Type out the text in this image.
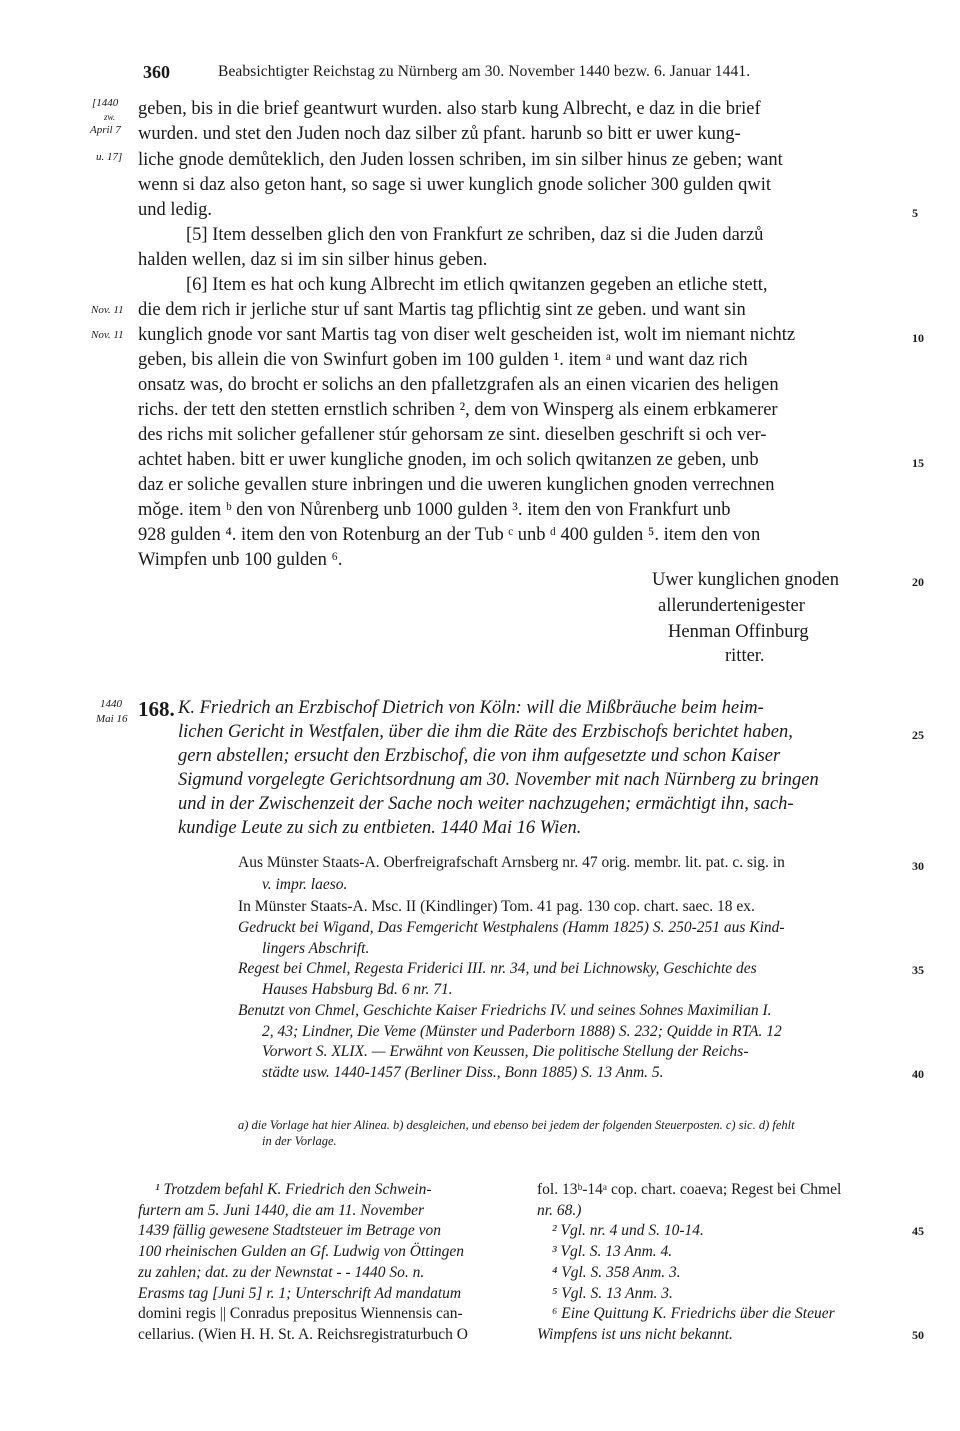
360	Beabsichtigter Reichstag zu Nürnberg am 30. November 1440 bezw. 6. Januar 1441.
[1440
zw.
April 7
u. 17]
Nov. 11
Nov. 11
1440
Mai 16
geben, bis in die brief geantwurt wurden. also starb kung Albrecht, e daz in die brief
wurden. und stet den Juden noch daz silber zů pfant. harunb so bitt er uwer kung-
liche gnode demůteklich, den Juden lossen schriben, im sin silber hinus ze geben; want
wenn si daz also geton hant, so sage si uwer kunglich gnode solicher 300 gulden qwit
und ledig.
[5] Item desselben glich den von Frankfurt ze schriben, daz si die Juden darzů
halden wellen, daz si im sin silber hinus geben.
[6] Item es hat och kung Albrecht im etlich qwitanzen gegeben an etliche stett,
die dem rich ir jerliche stur uf sant Martis tag pflichtig sint ze geben. und want sin
kunglich gnode vor sant Martis tag von diser welt gescheiden ist, wolt im niemant nichtz
geben, bis allein die von Swinfurt goben im 100 gulden ¹. item ᵃ und want daz rich
onsatz was, do brocht er solichs an den pfalletzgrafen als an einen vicarien des heligen
richs. der tett den stetten ernstlich schriben ², dem von Winsperg als einem erbkamerer
des richs mit solicher gefallener stúr gehorsam ze sint. dieselben geschrift si och ver-
achtet haben. bitt er uwer kungliche gnoden, im och solich qwitanzen ze geben, unb
daz er soliche gevallen sture inbringen und die uweren kunglichen gnoden verrechnen
mǒge. item ᵇ den von Nůrenberg unb 1000 gulden ³. item den von Frankfurt unb
928 gulden ⁴. item den von Rotenburg an der Tub ᶜ unb ᵈ 400 gulden ⁵. item den von
Wimpfen unb 100 gulden ⁶.
Uwer kunglichen gnoden
allerundertenigester
Henman Offinburg
ritter.
5
10
15
20
25
30
35
40
45
50
168. K. Friedrich an Erzbischof Dietrich von Köln: will die Mißbräuche beim heim-
lichen Gericht in Westfalen, über die ihm die Räte des Erzbischofs berichtet haben,
gern abstellen; ersucht den Erzbischof, die von ihm aufgesetzte und schon Kaiser
Sigmund vorgelegte Gerichtsordnung am 30. November mit nach Nürnberg zu bringen
und in der Zwischenzeit der Sache noch weiter nachzugehen; ermächtigt ihn, sach-
kundige Leute zu sich zu entbieten. 1440 Mai 16 Wien.
Aus Münster Staats-A. Oberfreigrafschaft Arnsberg nr. 47 orig. membr. lit. pat. c. sig. in
v. impr. laeso.
In Münster Staats-A. Msc. II (Kindlinger) Tom. 41 pag. 130 cop. chart. saec. 18 ex.
Gedruckt bei Wigand, Das Femgericht Westphalens (Hamm 1825) S. 250-251 aus Kind-
lingers Abschrift.
Regest bei Chmel, Regesta Friderici III. nr. 34, und bei Lichnowsky, Geschichte des
Hauses Habsburg Bd. 6 nr. 71.
Benutzt von Chmel, Geschichte Kaiser Friedrichs IV. und seines Sohnes Maximilian I.
2, 43; Lindner, Die Veme (Münster und Paderborn 1888) S. 232; Quidde in RTA. 12
Vorwort S. XLIX. — Erwähnt von Keussen, Die politische Stellung der Reichs-
städte usw. 1440-1457 (Berliner Diss., Bonn 1885) S. 13 Anm. 5.
a) die Vorlage hat hier Alinea. b) desgleichen, und ebenso bei jedem der folgenden Steuerposten. c) sic. d) fehlt
in der Vorlage.
¹ Trotzdem befahl K. Friedrich den Schwein-
furtern am 5. Juni 1440, die am 11. November
1439 fällig gewesene Stadtsteuer im Betrage von
100 rheinischen Gulden an Gf. Ludwig von Öttingen
zu zahlen; dat. zu der Newnstat - - 1440 So. n.
Erasms tag [Juni 5] r. 1; Unterschrift Ad mandatum
domini regis || Conradus prepositus Wiennensis can-
cellarius. (Wien H. H. St. A. Reichsregistraturbuch O
fol. 13ᵇ-14ᵃ cop. chart. coaeva; Regest bei Chmel
nr. 68.)
² Vgl. nr. 4 und S. 10-14.
³ Vgl. S. 13 Anm. 4.
⁴ Vgl. S. 358 Anm. 3.
⁵ Vgl. S. 13 Anm. 3.
⁶ Eine Quittung K. Friedrichs über die Steuer
Wimpfens ist uns nicht bekannt.
